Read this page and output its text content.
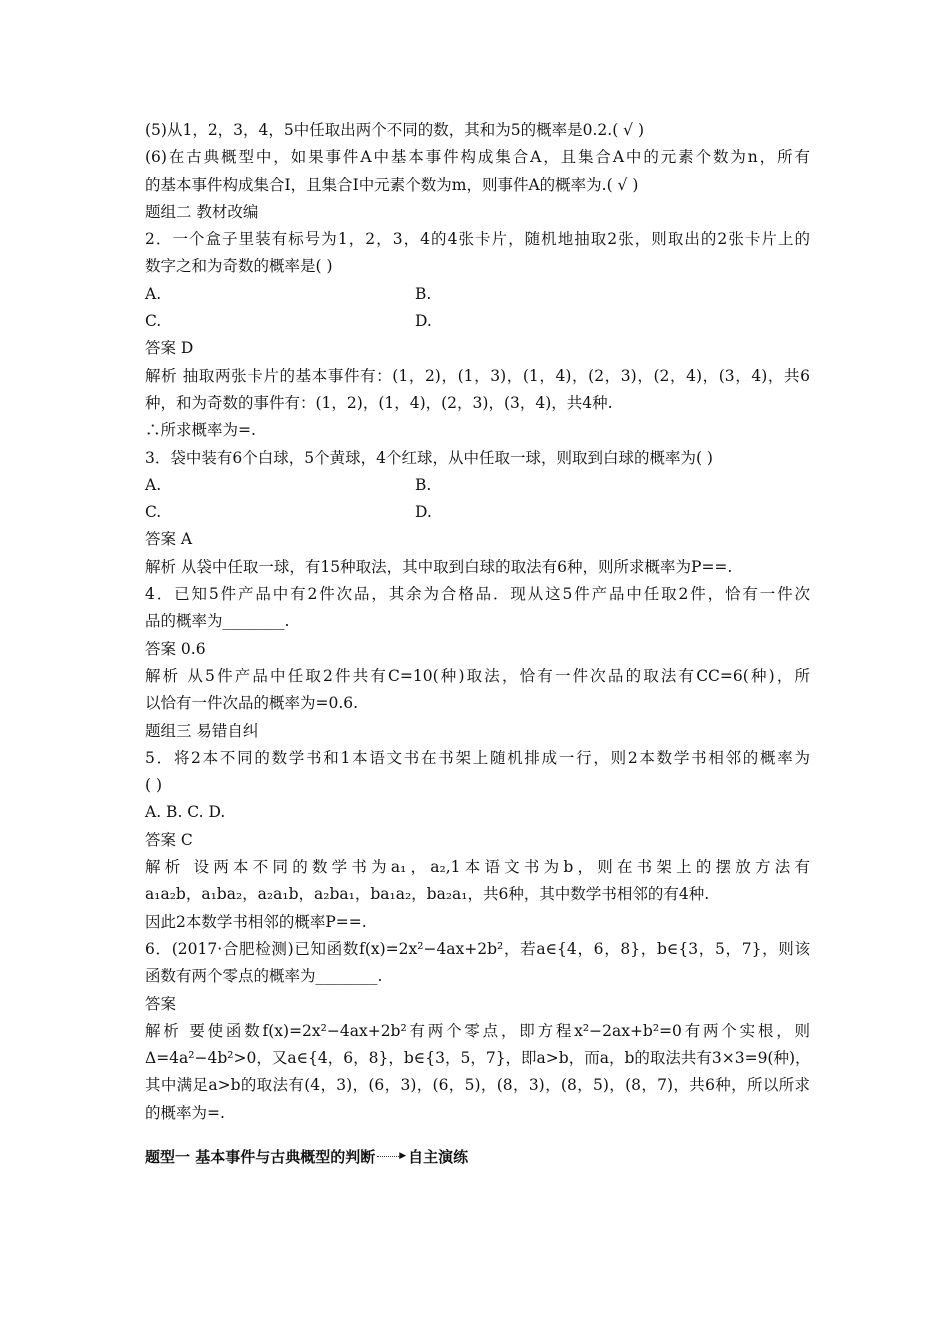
(5)从1，2，3，4，5中任取出两个不同的数，其和为5的概率是0.2.( √ )
(6)在古典概型中，如果事件A中基本事件构成集合A，且集合A中的元素个数为n，所有
的基本事件构成集合I，且集合I中元素个数为m，则事件A的概率为.( √ )
题组二 教材改编
2．一个盒子里装有标号为1，2，3，4的4张卡片，随机地抽取2张，则取出的2张卡片上的
数字之和为奇数的概率是( )
A.	B.
C.	D.
答案 D
解析 抽取两张卡片的基本事件有：(1，2)，(1，3)，(1，4)，(2，3)，(2，4)，(3，4)，共6
种，和为奇数的事件有：(1，2)，(1，4)，(2，3)，(3，4)，共4种.
∴所求概率为=.
3．袋中装有6个白球，5个黄球，4个红球，从中任取一球，则取到白球的概率为( )
A.	B.
C.	D.
答案 A
解析 从袋中任取一球，有15种取法，其中取到白球的取法有6种，则所求概率为P==.
4．已知5件产品中有2件次品，其余为合格品．现从这5件产品中任取2件，恰有一件次
品的概率为________.
答案 0.6
解析 从5件产品中任取2件共有C=10(种)取法，恰有一件次品的取法有CC=6(种)，所
以恰有一件次品的概率为=0.6.
题组三 易错自纠
5．将2本不同的数学书和1本语文书在书架上随机排成一行，则2本数学书相邻的概率为
( )
A. B. C. D.
答案 C
解析 设两本不同的数学书为a₁，a₂,1本语文书为b，则在书架上的摆放方法有
a₁a₂b，a₁ba₂，a₂a₁b，a₂ba₁，ba₁a₂，ba₂a₁，共6种，其中数学书相邻的有4种.
因此2本数学书相邻的概率P==.
6．(2017·合肥检测)已知函数f(x)=2x²−4ax+2b²，若a∈{4，6，8}，b∈{3，5，7}，则该
函数有两个零点的概率为________.
答案
解析 要使函数f(x)=2x²−4ax+2b²有两个零点，即方程x²−2ax+b²=0有两个实根，则
Δ=4a²−4b²>0，又a∈{4，6，8}，b∈{3，5，7}，即a>b，而a，b的取法共有3×3=9(种)，
其中满足a>b的取法有(4，3)，(6，3)，(6，5)，(8，3)，(8，5)，(8，7)，共6种，所以所求
的概率为=.
题型一 基本事件与古典概型的判断	▶ 自主演练
